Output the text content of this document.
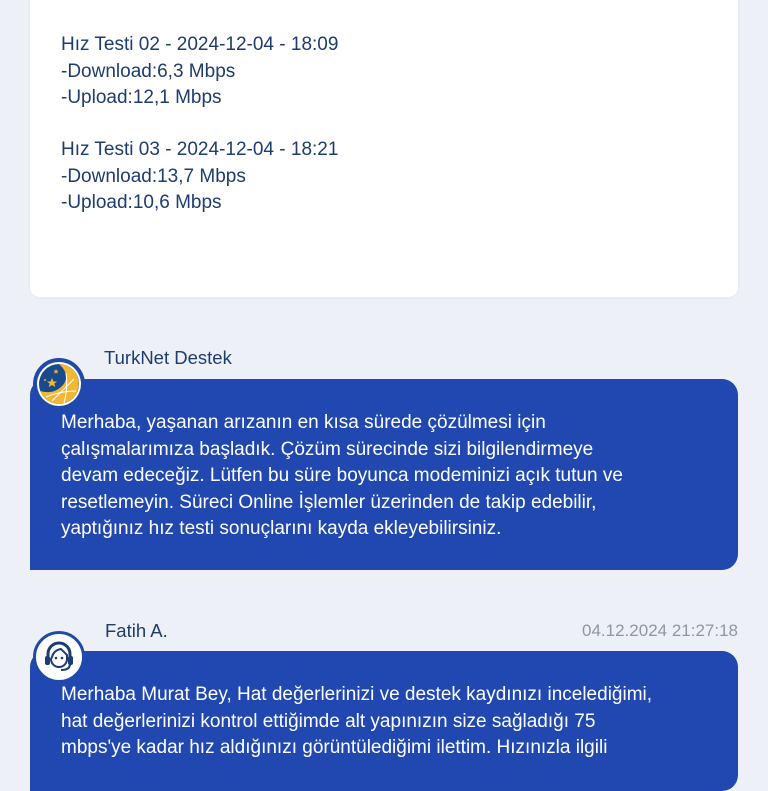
Hız Testi 02 - 2024-12-04 - 18:09
-Download:6,3 Mbps
-Upload:12,1 Mbps
Hız Testi 03 - 2024-12-04 - 18:21
-Download:13,7 Mbps
-Upload:10,6 Mbps
TurkNet Destek
Merhaba, yaşanan arızanın en kısa sürede çözülmesi için
çalışmalarımıza başladık. Çözüm sürecinde sizi bilgilendirmeye
devam edeceğiz. Lütfen bu süre boyunca modeminizi açık tutun ve
resetlemeyin. Süreci Online İşlemler üzerinden de takip edebilir,
yaptığınız hız testi sonuçlarını kayda ekleyebilirsiniz.
Fatih A.	04.12.2024 21:27:18
Merhaba Murat Bey, Hat değerlerinizi ve destek kaydınızı incelediğimi,
hat değerlerinizi kontrol ettiğimde alt yapınızın size sağladığı 75
mbps'ye kadar hız aldığınızı görüntülediğimi ilettim. Hızınızla ilgili
